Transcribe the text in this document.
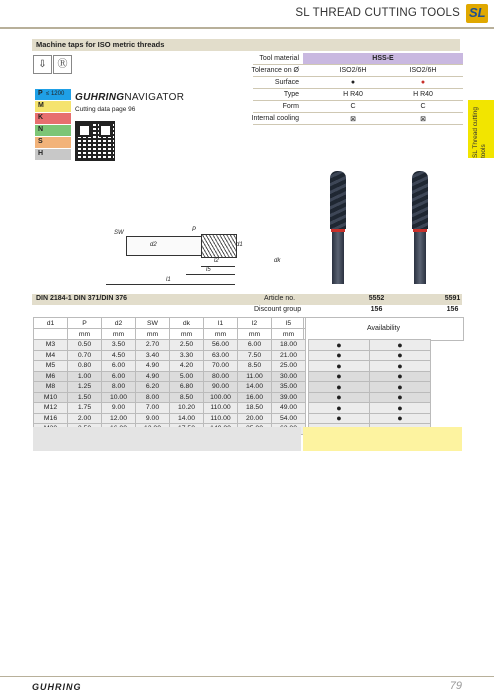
SL THREAD CUTTING TOOLS SL
SL Thread cutting tools
Machine taps for ISO metric threads
⇩	Ⓡ
P ≤ 1200
M
K
N
S
H
GUHRINGNAVIGATOR
Cutting data page 96
HSS-E
Tool material
Tolerance on Ø	ISO2/6H	ISO2/6H
Surface	●	●
Type	H R40	H R40
Form	C	C
Internal cooling	⊠	⊠
SW	P
d2	d1
l2
l5
l1
dk
DIN 2184-1 DIN 371/DIN 376	Article no.	5552	5591
Discount group	156	156
Availability
d1	P	d2	SW	dk	l1	l2	l5			
	mm	mm	mm	mm	mm	mm	mm			
M3	0.50	3.50	2.70	2.50	56.00	6.00	18.00		●	●
M4	0.70	4.50	3.40	3.30	63.00	7.50	21.00		●	●
M5	0.80	6.00	4.90	4.20	70.00	8.50	25.00		●	●
M6	1.00	6.00	4.90	5.00	80.00	11.00	30.00		●	●
M8	1.25	8.00	6.20	6.80	90.00	14.00	35.00		●	●
M10	1.50	10.00	8.00	8.50	100.00	16.00	39.00		●	●
M12	1.75	9.00	7.00	10.20	110.00	18.50	49.00		●	●
M16	2.00	12.00	9.00	14.00	110.00	20.00	54.00		●	●

GUHRING	79
